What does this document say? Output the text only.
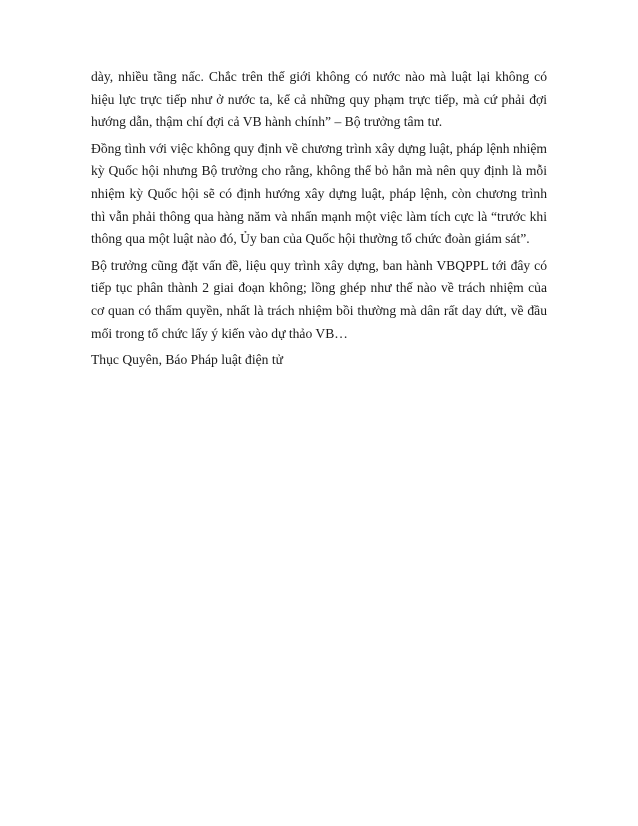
dày, nhiều tầng nấc. Chắc trên thế giới không có nước nào mà luật lại không có hiệu lực trực tiếp như ở nước ta, kể cả những quy phạm trực tiếp, mà cứ phải đợi hướng dẫn, thậm chí đợi cả VB hành chính” – Bộ trưởng tâm tư.

Đồng tình với việc không quy định về chương trình xây dựng luật, pháp lệnh nhiệm kỳ Quốc hội nhưng Bộ trưởng cho rằng, không thể bỏ hẳn mà nên quy định là mỗi nhiệm kỳ Quốc hội sẽ có định hướng xây dựng luật, pháp lệnh, còn chương trình thì vẫn phải thông qua hàng năm và nhấn mạnh một việc làm tích cực là “trước khi thông qua một luật nào đó, Ủy ban của Quốc hội thường tổ chức đoàn giám sát”.

Bộ trưởng cũng đặt vấn đề, liệu quy trình xây dựng, ban hành VBQPPL tới đây có tiếp tục phân thành 2 giai đoạn không; lồng ghép như thế nào về trách nhiệm của cơ quan có thẩm quyền, nhất là trách nhiệm bồi thường mà dân rất day dứt, về đầu mối trong tổ chức lấy ý kiến vào dự thảo VB…

Thục Quyên, Báo Pháp luật điện tử
